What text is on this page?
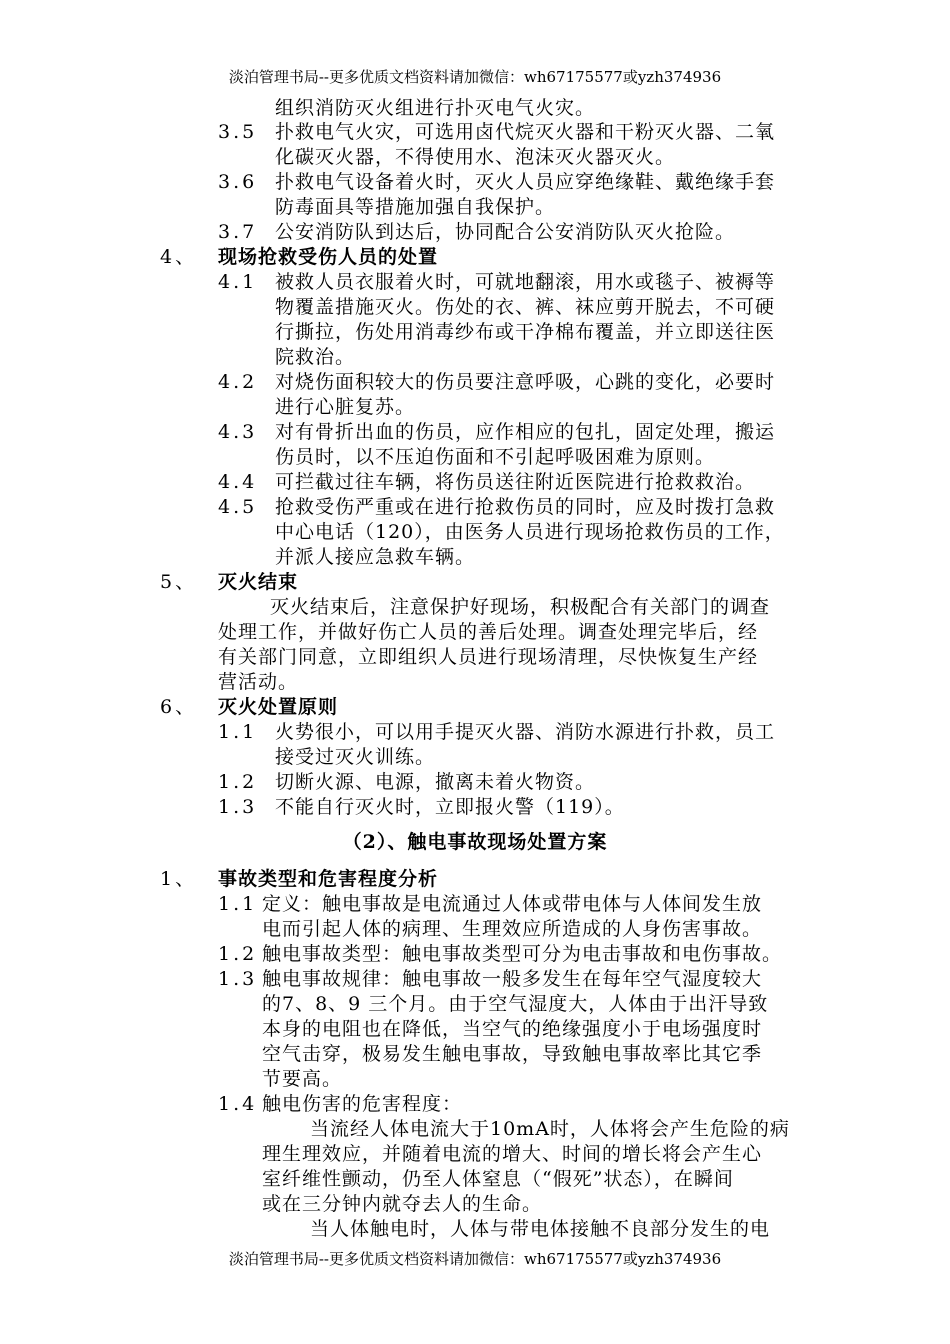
淡泊管理书局--更多优质文档资料请加微信：wh67175577或yzh374936
组织消防灭火组进行扑灭电气火灾。
3.5 扑救电气火灾，可选用卤代烷灭火器和干粉灭火器、二氧
化碳灭火器，不得使用水、泡沫灭火器灭火。
3.6 扑救电气设备着火时，灭火人员应穿绝缘鞋、戴绝缘手套
防毒面具等措施加强自我保护。
3.7 公安消防队到达后，协同配合公安消防队灭火抢险。
4、 现场抢救受伤人员的处置
4.1 被救人员衣服着火时，可就地翻滚，用水或毯子、被褥等
物覆盖措施灭火。伤处的衣、裤、袜应剪开脱去，不可硬
行撕拉，伤处用消毒纱布或干净棉布覆盖，并立即送往医
院救治。
4.2 对烧伤面积较大的伤员要注意呼吸，心跳的变化，必要时
进行心脏复苏。
4.3 对有骨折出血的伤员，应作相应的包扎，固定处理，搬运
伤员时，以不压迫伤面和不引起呼吸困难为原则。
4.4 可拦截过往车辆，将伤员送往附近医院进行抢救救治。
4.5 抢救受伤严重或在进行抢救伤员的同时，应及时拨打急救
中心电话（120），由医务人员进行现场抢救伤员的工作，
并派人接应急救车辆。
5、 灭火结束
灭火结束后，注意保护好现场，积极配合有关部门的调查
处理工作，并做好伤亡人员的善后处理。调查处理完毕后，经
有关部门同意，立即组织人员进行现场清理，尽快恢复生产经
营活动。
6、 灭火处置原则
1.1 火势很小，可以用手提灭火器、消防水源进行扑救，员工
接受过灭火训练。
1.2 切断火源、电源，撤离未着火物资。
1.3 不能自行灭火时，立即报火警（119）。
（2）、触电事故现场处置方案
1、 事故类型和危害程度分析
1.1 定义：触电事故是电流通过人体或带电体与人体间发生放
电而引起人体的病理、生理效应所造成的人身伤害事故。
1.2 触电事故类型：触电事故类型可分为电击事故和电伤事故。
1.3 触电事故规律：触电事故一般多发生在每年空气湿度较大
的7、8、9 三个月。由于空气湿度大，人体由于出汗导致
本身的电阻也在降低，当空气的绝缘强度小于电场强度时
空气击穿，极易发生触电事故，导致触电事故率比其它季
节要高。
1.4 触电伤害的危害程度：
当流经人体电流大于10mA时，人体将会产生危险的病
理生理效应，并随着电流的增大、时间的增长将会产生心
室纤维性颤动，仍至人体窒息（“假死”状态），在瞬间
或在三分钟内就夺去人的生命。
当人体触电时，人体与带电体接触不良部分发生的电
淡泊管理书局--更多优质文档资料请加微信：wh67175577或yzh374936
